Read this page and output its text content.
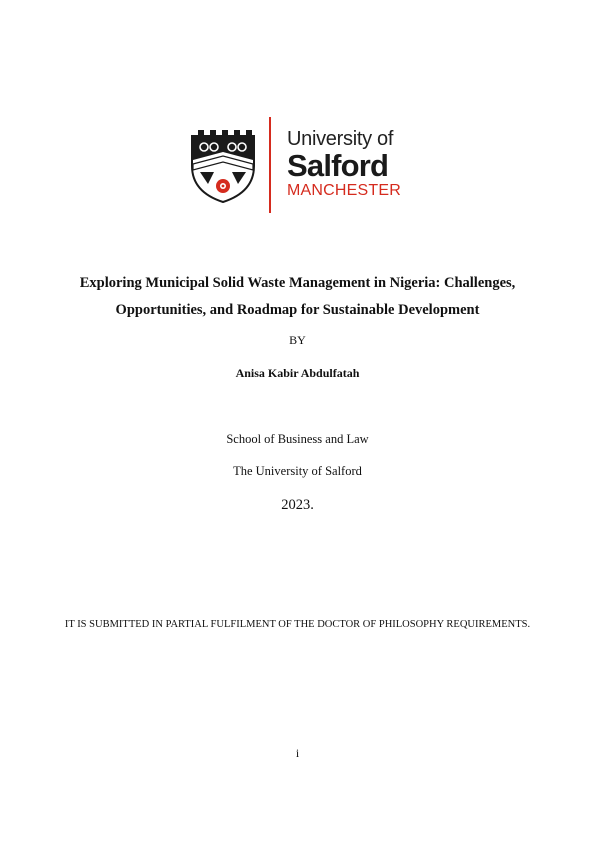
University of
Salford
MANCHESTER

Exploring Municipal Solid Waste Management in Nigeria: Challenges, Opportunities, and Roadmap for Sustainable Development

BY

Anisa Kabir Abdulfatah

School of Business and Law

The University of Salford

2023.

IT IS SUBMITTED IN PARTIAL FULFILMENT OF THE DOCTOR OF PHILOSOPHY REQUIREMENTS.

i
